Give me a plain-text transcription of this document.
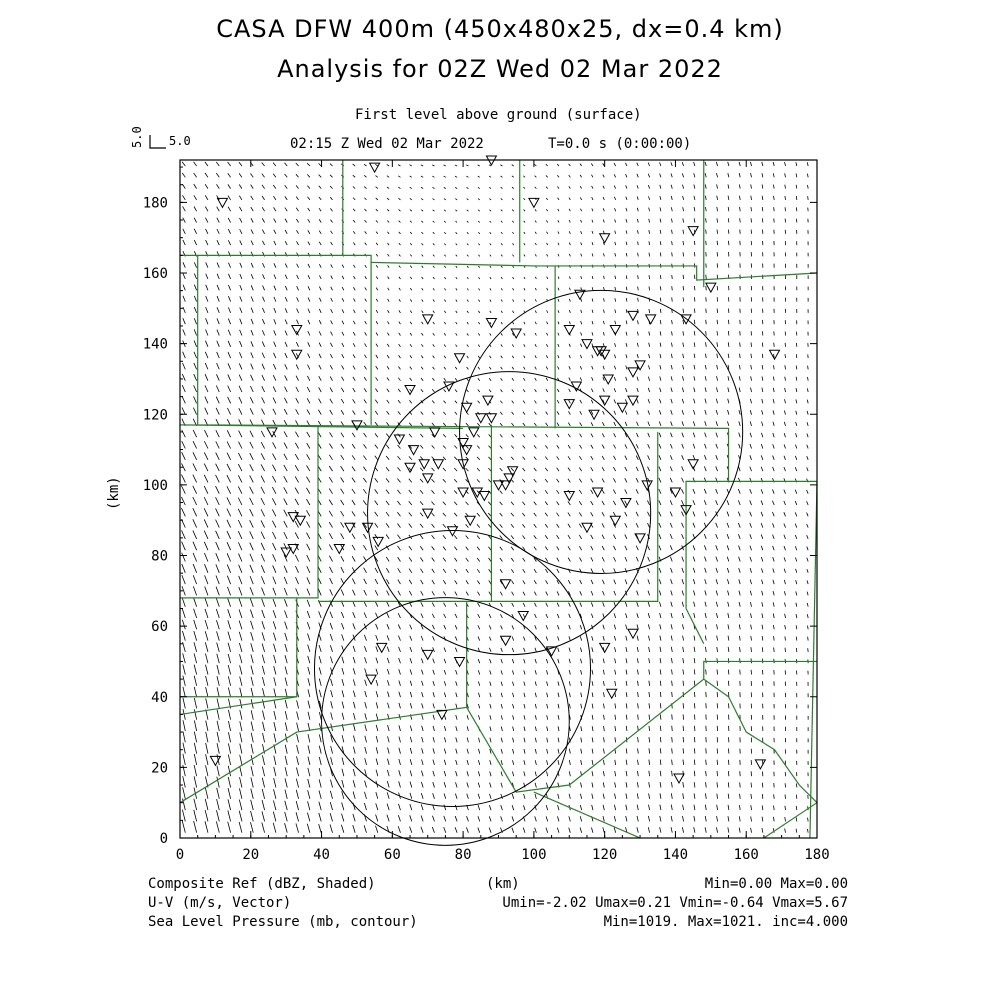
CASA DFW 400m (450x480x25, dx=0.4 km)
Analysis for 02Z Wed 02 Mar 2022
First level above ground (surface)
02:15 Z Wed 02 Mar 2022	T=0.0 s (0:00:00)
5.0
5.0
(km)
0	20	40	60	80	100	120	140	160	180
0
20
40
60
80
100
120
140
160
180
Composite Ref (dBZ, Shaded)	(km)	Min=0.00 Max=0.00
U-V (m/s, Vector)	Umin=-2.02 Umax=0.21 Vmin=-0.64 Vmax=5.67
Sea Level Pressure (mb, contour)	Min=1019. Max=1021. inc=4.000
